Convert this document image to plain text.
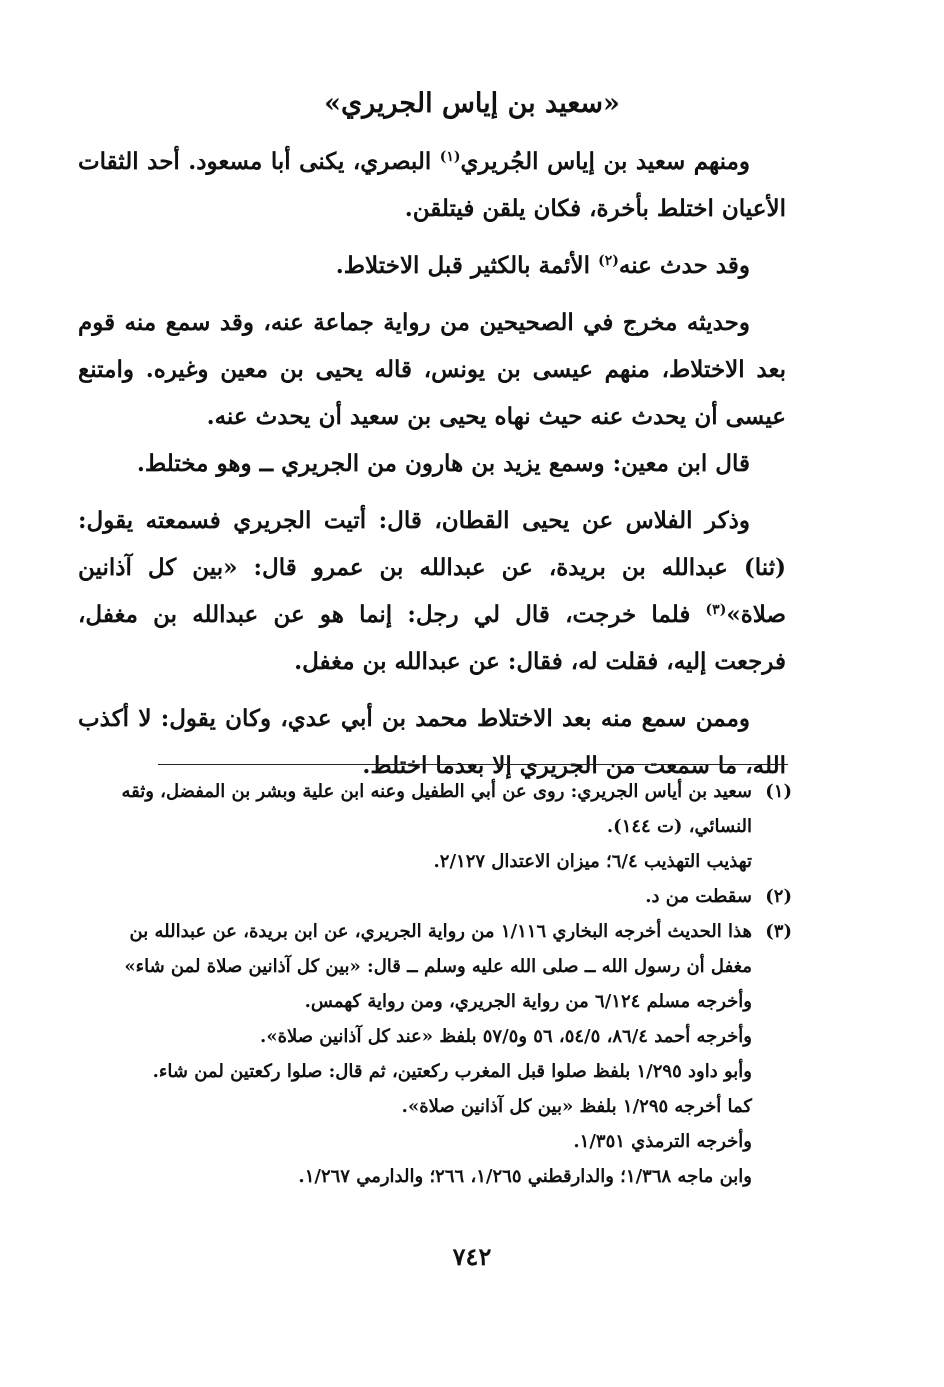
«سعيد بن إياس الجريري»

ومنهم سعيد بن إياس الجُريري$^{(١)}$ البصري، يكنى أبا مسعود. أحد الثقات الأعيان اختلط بأخرة، فكان يلقن فيتلقن.

وقد حدث عنه$^{(٢)}$ الأئمة بالكثير قبل الاختلاط.

وحديثه مخرج في الصحيحين من رواية جماعة عنه، وقد سمع منه قوم بعد الاختلاط، منهم عيسى بن يونس، قاله يحيى بن معين وغيره. وامتنع عيسى أن يحدث عنه حيث نهاه يحيى بن سعيد أن يحدث عنه.

قال ابن معين: وسمع يزيد بن هارون من الجريري ــ وهو مختلط.

وذكر الفلاس عن يحيى القطان، قال: أتيت الجريري فسمعته يقول: (ثنا) عبدالله بن بريدة، عن عبدالله بن عمرو قال: «بين كل آذانين صلاة»$^{(٣)}$ فلما خرجت، قال لي رجل: إنما هو عن عبدالله بن مغفل، فرجعت إليه، فقلت له، فقال: عن عبدالله بن مغفل.

وممن سمع منه بعد الاختلاط محمد بن أبي عدي، وكان يقول: لا أكذب الله، ما سمعت من الجريري إلا بعدما اختلط.

(١)

سعيد بن أياس الجريري: روى عن أبي الطفيل وعنه ابن علية وبشر بن المفضل، وثقه النسائي، (ت ١٤٤).

تهذيب التهذيب ٦/٤؛ ميزان الاعتدال ٢/١٢٧.

(٢)

سقطت من د.

(٣)

هذا الحديث أخرجه البخاري ١/١١٦ من رواية الجريري، عن ابن بريدة، عن عبدالله بن مغفل أن رسول الله ــ صلى الله عليه وسلم ــ قال: «بين كل آذانين صلاة لمن شاء» وأخرجه مسلم ٦/١٢٤ من رواية الجريري، ومن رواية كهمس.

وأخرجه أحمد ٨٦/٤، ٥٤/٥، ٥٦ و٥٧/٥ بلفظ «عند كل آذانين صلاة».

وأبو داود ١/٢٩٥ بلفظ صلوا قبل المغرب ركعتين، ثم قال: صلوا ركعتين لمن شاء.

كما أخرجه ١/٢٩٥ بلفظ «بين كل آذانين صلاة».

وأخرجه الترمذي ١/٣٥١.

وابن ماجه ١/٣٦٨؛ والدارقطني ١/٢٦٥، ٢٦٦؛ والدارمي ١/٢٦٧.

٧٤٢
